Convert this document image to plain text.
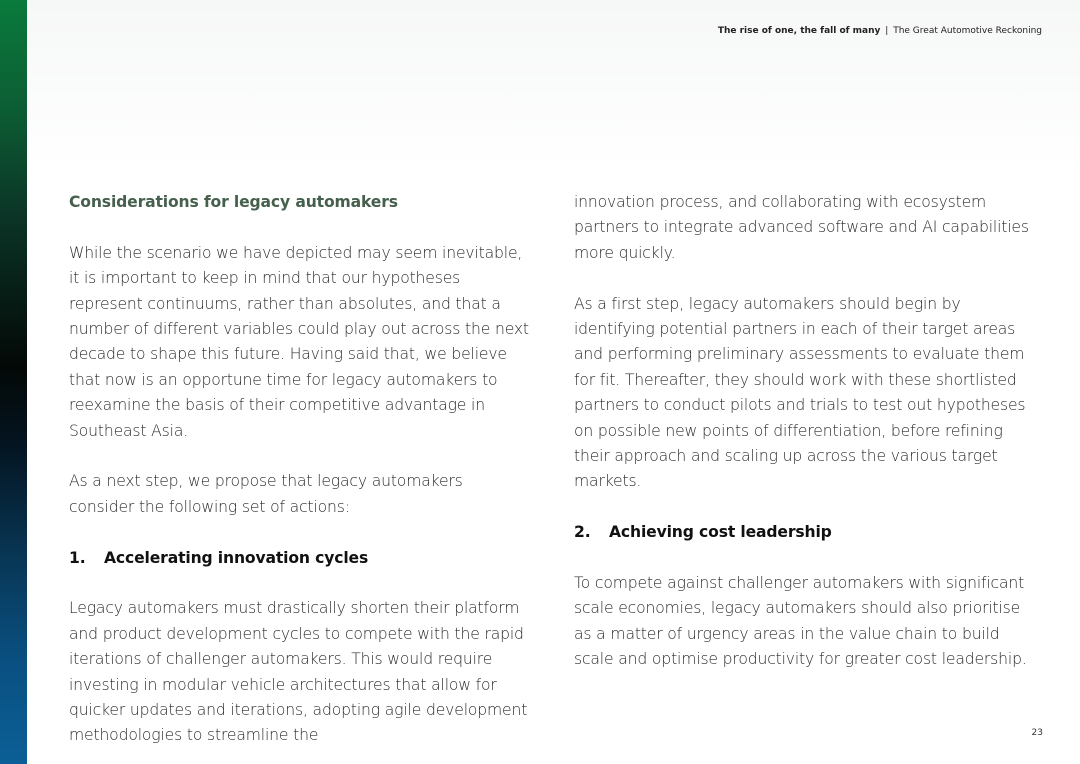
The rise of one, the fall of many | The Great Automotive Reckoning

Considerations for legacy automakers

While the scenario we have depicted may seem inevitable, it is important to keep in mind that our hypotheses represent continuums, rather than absolutes, and that a number of different variables could play out across the next decade to shape this future. Having said that, we believe that now is an opportune time for legacy automakers to reexamine the basis of their competitive advantage in Southeast Asia.

As a next step, we propose that legacy automakers consider the following set of actions:

1. Accelerating innovation cycles

Legacy automakers must drastically shorten their platform and product development cycles to compete with the rapid iterations of challenger automakers. This would require investing in modular vehicle architectures that allow for quicker updates and iterations, adopting agile development methodologies to streamline the

innovation process, and collaborating with ecosystem partners to integrate advanced software and AI capabilities more quickly.

As a first step, legacy automakers should begin by identifying potential partners in each of their target areas and performing preliminary assessments to evaluate them for fit. Thereafter, they should work with these shortlisted partners to conduct pilots and trials to test out hypotheses on possible new points of differentiation, before refining their approach and scaling up across the various target markets.

2. Achieving cost leadership

To compete against challenger automakers with significant scale economies, legacy automakers should also prioritise as a matter of urgency areas in the value chain to build scale and optimise productivity for greater cost leadership.

23
